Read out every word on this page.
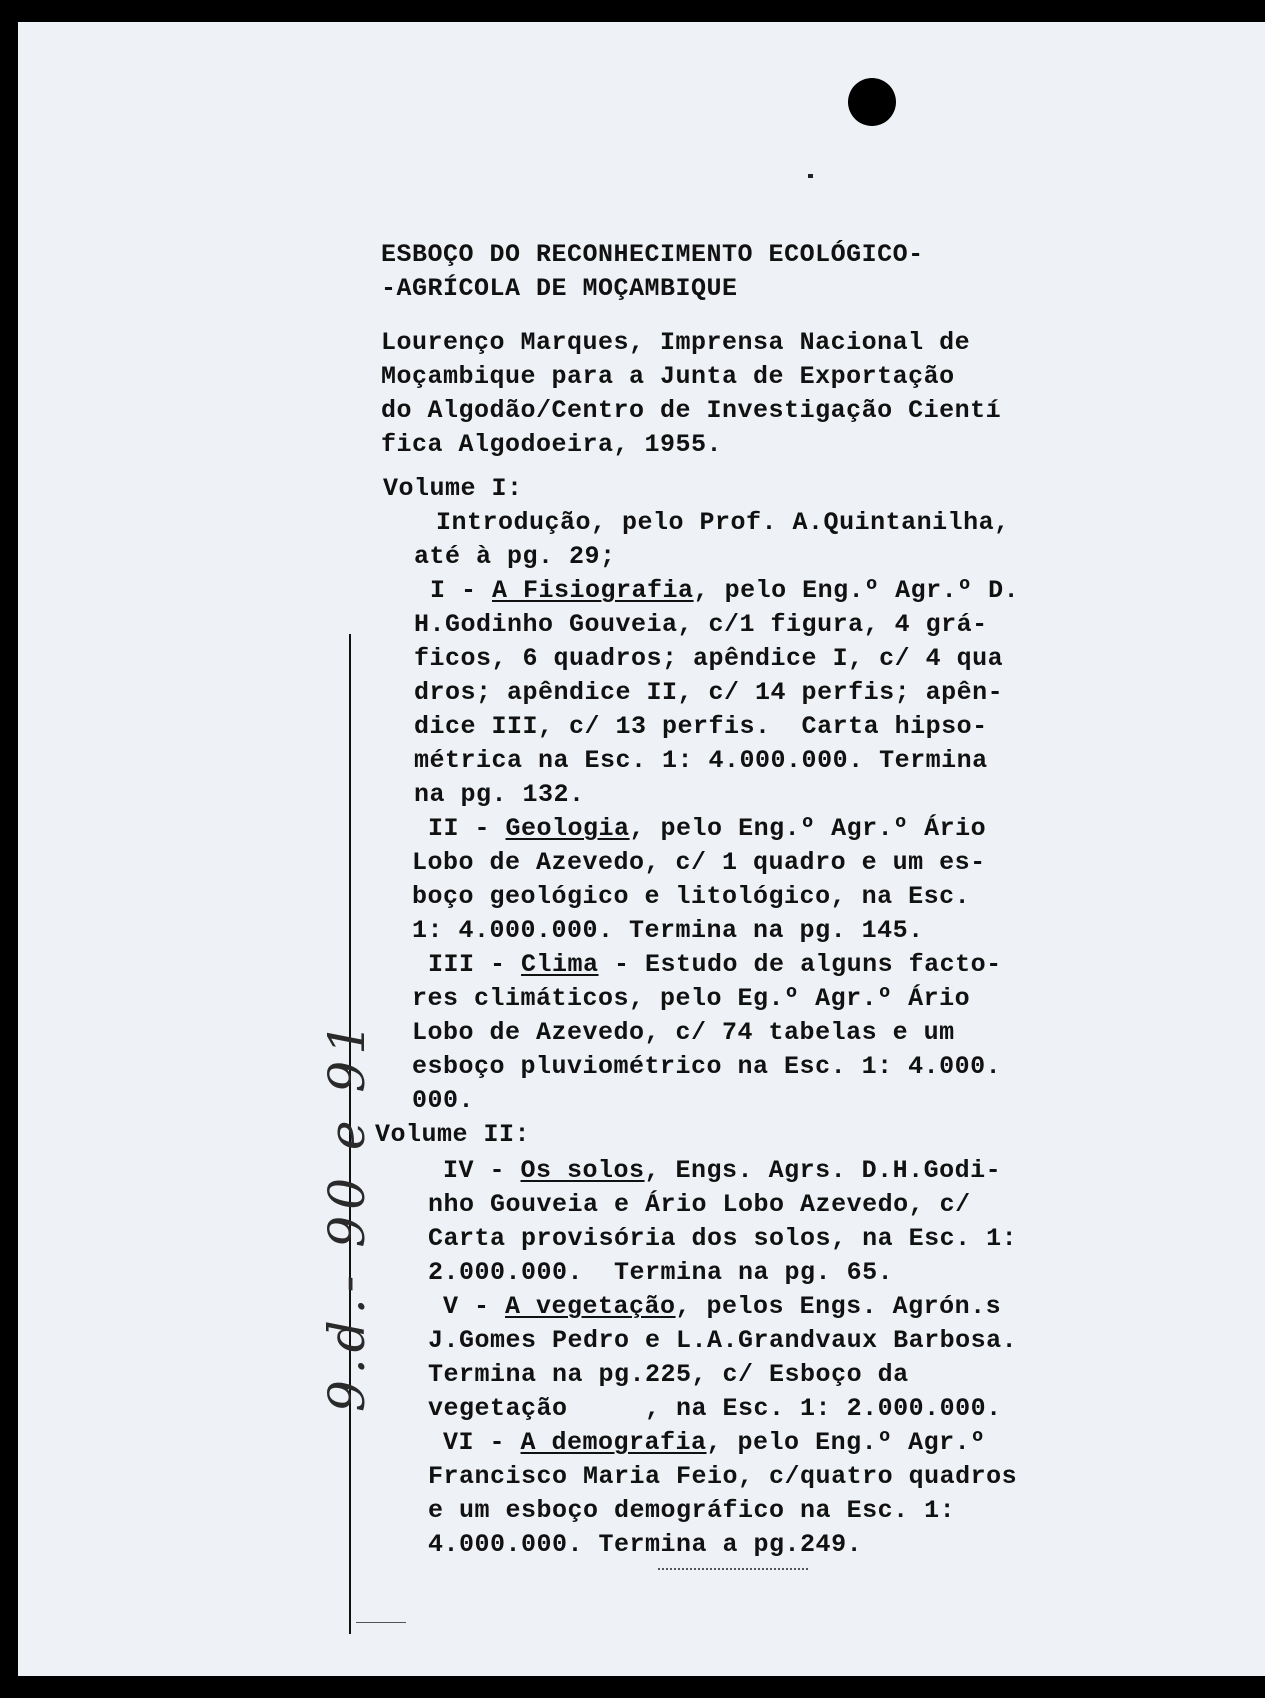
ESBOÇO DO RECONHECIMENTO ECOLÓGICO-

-AGRÍCOLA DE MOÇAMBIQUE

Lourenço Marques, Imprensa Nacional de

Moçambique para a Junta de Exportação

do Algodão/Centro de Investigação Cientí

fica Algodoeira, 1955.

Volume I:

Introdução, pelo Prof. A.Quintanilha,

até à pg. 29;

I - A Fisiografia, pelo Eng.º Agr.º D.

H.Godinho Gouveia, c/1 figura, 4 grá-

ficos, 6 quadros; apêndice I, c/ 4 qua

dros; apêndice II, c/ 14 perfis; apên-

dice III, c/ 13 perfis.  Carta hipso-

métrica na Esc. 1: 4.000.000. Termina

na pg. 132.

II - Geologia, pelo Eng.º Agr.º Ário

Lobo de Azevedo, c/ 1 quadro e um es-

boço geológico e litológico, na Esc.

1: 4.000.000. Termina na pg. 145.

III - Clima - Estudo de alguns facto-

res climáticos, pelo Eg.º Agr.º Ário

Lobo de Azevedo, c/ 74 tabelas e um

esboço pluviométrico na Esc. 1: 4.000.

000.

Volume II:

IV - Os solos, Engs. Agrs. D.H.Godi-

nho Gouveia e Ário Lobo Azevedo, c/

Carta provisória dos solos, na Esc. 1:

2.000.000.  Termina na pg. 65.

V - A vegetação, pelos Engs. Agrón.s

J.Gomes Pedro e L.A.Grandvaux Barbosa.

Termina na pg.225, c/ Esboço da

vegetação     , na Esc. 1: 2.000.000.

VI - A demografia, pelo Eng.º Agr.º

Francisco Maria Feio, c/quatro quadros

e um esboço demográfico na Esc. 1:

4.000.000. Termina a pg.249.

9.d.- 90 e 91
